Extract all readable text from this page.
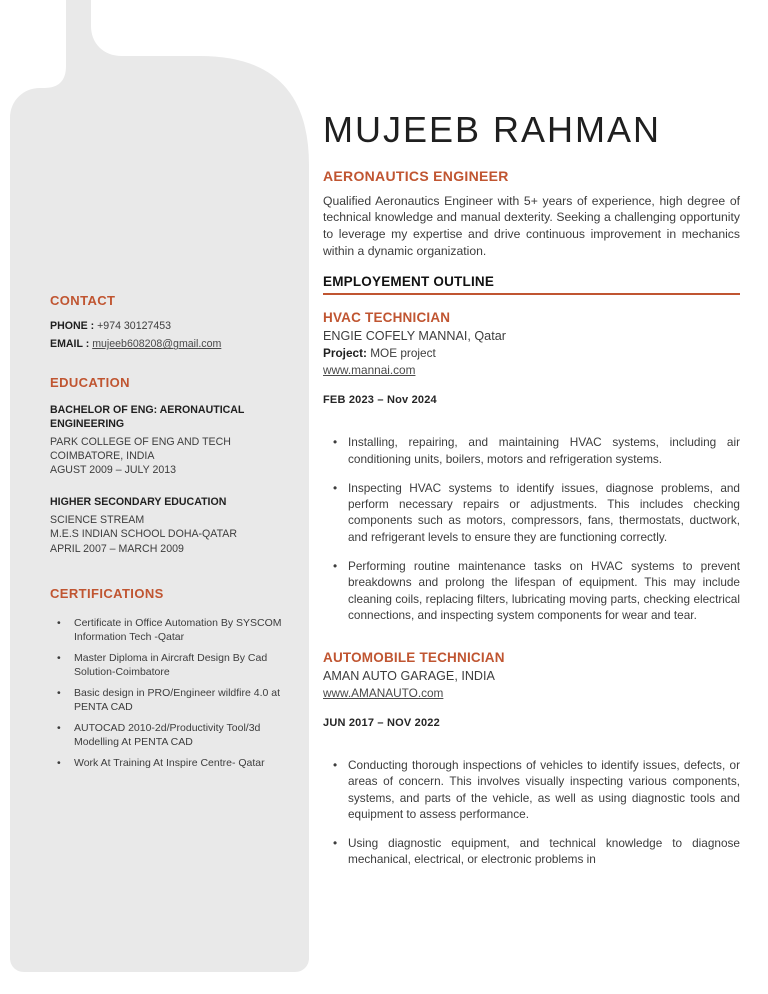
CONTACT

PHONE : +974 30127453

EMAIL : mujeeb608208@gmail.com

EDUCATION

BACHELOR OF ENG: AERONAUTICAL ENGINEERING

PARK COLLEGE OF ENG AND TECH

COIMBATORE, INDIA

AGUST 2009 – JULY 2013

HIGHER SECONDARY EDUCATION

SCIENCE STREAM

M.E.S INDIAN SCHOOL DOHA-QATAR

APRIL 2007 – MARCH 2009

CERTIFICATIONS
• Certificate in Office Automation By SYSCOM Information Tech -Qatar
• Master Diploma in Aircraft Design By Cad Solution-Coimbatore
• Basic design in PRO/Engineer wildfire 4.0 at PENTA CAD
• AUTOCAD 2010-2d/Productivity Tool/3d Modelling At PENTA CAD
• Work At Training At Inspire Centre- Qatar
MUJEEB RAHMAN
AERONAUTICS ENGINEER

Qualified Aeronautics Engineer with 5+ years of experience, high degree of technical knowledge and manual dexterity. Seeking a challenging opportunity to leverage my expertise and drive continuous improvement in mechanics within a dynamic organization.

EMPLOYEMENT OUTLINE
HVAC TECHNICIAN

ENGIE COFELY MANNAI, Qatar

Project: MOE project

www.mannai.com

FEB 2023 – Nov 2024

• Installing, repairing, and maintaining HVAC systems, including air conditioning units, boilers, motors and refrigeration systems.
• Inspecting HVAC systems to identify issues, diagnose problems, and perform necessary repairs or adjustments. This includes checking components such as motors, compressors, fans, thermostats, ductwork, and refrigerant levels to ensure they are functioning correctly.
• Performing routine maintenance tasks on HVAC systems to prevent breakdowns and prolong the lifespan of equipment. This may include cleaning coils, replacing filters, lubricating moving parts, checking electrical connections, and inspecting system components for wear and tear.
AUTOMOBILE TECHNICIAN

AMAN AUTO GARAGE, INDIA

www.AMANAUTO.com

JUN 2017 – NOV 2022

• Conducting thorough inspections of vehicles to identify issues, defects, or areas of concern. This involves visually inspecting various components, systems, and parts of the vehicle, as well as using diagnostic tools and equipment to assess performance.
• Using diagnostic equipment, and technical knowledge to diagnose mechanical, electrical, or electronic problems in
